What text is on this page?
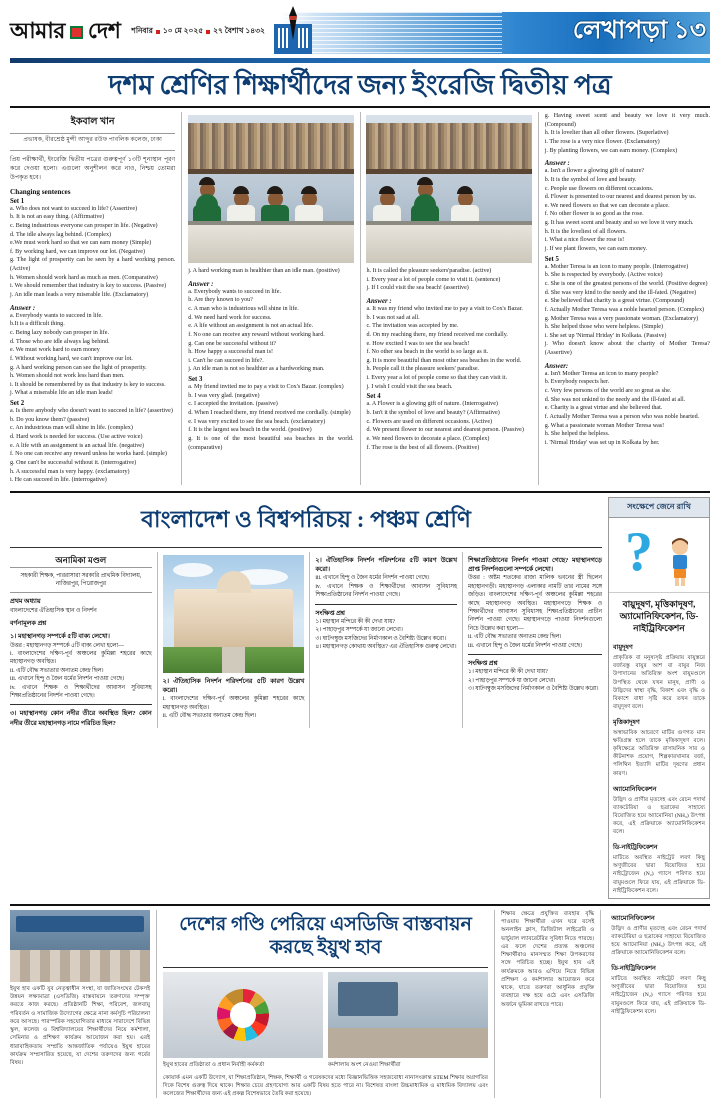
আমার দেশ শনিবার ১০ মে ২০২৫ ২৭ বৈশাখ ১৪৩২	লেখাপড়া ১৩
দশম শ্রেণির শিক্ষার্থীদের জন্য ইংরেজি দ্বিতীয় পত্র
ইকবাল খান
প্রভাষক, বীরশ্রেষ্ঠ মুন্সী আব্দুর রউফ পাবলিক কলেজ, ঢাকা
প্রিয় পরীক্ষার্থী, ইংরেজি দ্বিতীয় পত্রের গুরুত্বপূর্ণ ১৩টি শূন্যস্থান পূরণ করে দেওয়া হলো। এগুলো অনুশীলন করে নাও, নিশ্চয় তোমরা উপকৃত হবে।
Changing sentences
Set 1

a. Who does not want to succeed in life? (Assertive)

b. It is not an easy thing. (Affirmative)

c. Being industrious everyone can prosper in life. (Negative)

d. The idle always lag behind. (Complex)

e.We must work hard so that we can earn money (Simple)

f. By working hard, we can improve our lot. (Negative)

g. The light of prosperity can be seen by a hard working person. (Active)

h. Women should work hard as much as men. (Comparative)

i. We should remember that industry is key to success. (Passive)

j. An idle man leads a very miserable life. (Exclamatory)

Answer :

a. Everybody wants to succeed in life.

b.It is a difficult thing.

c. Being lazy nobody can prosper in life.

d. Those who are idle always lag behind.

e. We must work hard to earn money

f. Without working hard, we can't improve our lot.

g. A hard working person can see the light of prosperity.

h. Women should not work less hard than men.

i. It should be remembered by us that industry is key to success.

j. What a miserable life an idle man leads!

Set 2

a. Is there anybody who doesn't want to succeed in life? (assertive)

b. Do you know them? (passive)

c. An industrious man will shine in life. (complex)

d. Hard work is needed for success. (Use active voice)

e. A life with an assignment is an actual life. (negative)

f. No one can receive any reward unless he works hard. (simple)

g. One can't be successful without it. (interrogative)

h. A successful man is very happy. (exclamatory)

i. He can succeed in life. (interrogative)

j. A hard working man is healthier than an idle man. (positive)

Answer :

a. Everybody wants to succeed in life.

b. Are they known to you?

c. A man who is industrious will shine in life.

d. We need hard work for success.

e. A life without an assignment is not an actual life.

f. No one can receive any reward without working hard.

g. Can one be successful without it?

h. How happy a successful man is!

i. Can't he can succeed in life?.

j. An idle man is not so healthier as a hardworking man.

Set 3

a. My friend invited me to pay a visit to Cox's Bazar. (complex)

b. I was very glad. (negative)

c. I accepted the invitation. (passive)

d. When I reached there, my friend received me cordially. (simple)

e. I was very excited to see the sea beach. (exclamatory)

f. It is the largest sea beach in the world. (positive)

g. It is one of the most beautiful sea beaches in the world. (comparative)

h. It is called the pleasure seekers'paradise. (active)

i. Every year a lot of people come to visit it. (sentence)

j. If I could visit the sea beach! (assertive)

Answer :

a. It was my friend who invited me to pay a visit to Cox's Bazar.

b. I was not sad at all.

c. The invitation was accepted by me.

d. On my reaching there, my friend received me cordially.

e. How excited I was to see the sea beach!

f. No other sea beach in the world is so large as it.

g. It is more beautiful than most other sea beaches in the world.

h. People call it the pleasure seekers' paradise.

i. Every year a lot of people come so that they can visit it.

j. I wish I could visit the sea beach.

Set 4

a. A Flower is a glowing gift of nature. (Interrogative)

b. Isn't it the symbol of love and beauty? (Affirmative)

c. Flowers are used on different occasions. (Active)

d. We present flower to our nearest and dearest person. (Passive)

e. We need flowers to decorate a place. (Complex)

f. The rose is the best of all flowers. (Positive)

g. Having sweet scent and beauty we love it very much. (Compound)

h. It is lovelier than all other flowers. (Superlative)

i. The rose is a very nice flower. (Exclamatory)

j. By planting flowers, we can earn money. (Complex)

Answer :

a. Isn't a flower a glowing gift of nature?

b. It is the symbol of love and beauty.

c. People use flowers on different occasions.

d. Flower is presented to our nearest and dearest person by us.

e. We need flowers so that we can decorate a place.

f. No other flower is so good as the rose.

g. It has sweet scent and beauty and so we love it very much.

h. It is the loveliest of all flowers.

i. What a nice flower the rose is!

j. If we plant flowers, we can earn money.

Set 5

a. Mother Teresa is an icon to many people. (Interrogative)

b. She is respected by everybody. (Active voice)

c. She is one of the greatest persons of the world. (Positive degree)

d. She was very kind to the needy and the ill-fated. (Negative)

e. She believed that charity is a great virtue. (Compound)

f. Actually Mother Teresa was a noble hearted person. (Complex)

g. Mother Teresa was a very passionate woman. (Exclamatory)

h. She helped those who were helpless. (Simple)

i. She set up 'Nirmal Hriday' in Kolkata. (Passive)

j. Who doesn't know about the charity of Mother Teresa? (Assertive)

Answer:

a. Isn't Mother Teresa an icon to many people?

b. Everybody respects her.

c. Very few persons of the world are so great as she.

d. She was not unkind to the needy and the ill-fated at all.

e. Charity is a great virtue and she believed that.

f. Actually Mother Teresa was a person who was noble hearted.

g. What a passionate woman Mother Teresa was!

h. She helped the helpless.

i. 'Nirmal Hriday' was set up in Kolkata by her.

বাংলাদেশ ও বিশ্বপরিচয় : পঞ্চম শ্রেণি
অনামিকা মণ্ডল
সহকারী শিক্ষক, পাররাসারা সরকারি প্রাথমিক বিদ্যালয়, নাজিরপুর, পিরোজপুর
প্রথম অধ্যায়
বাংলাদেশের ঐতিহাসিক স্থান ও নিদর্শন
বর্ণনামূলক প্রশ্ন
১। মহাস্থানগড় সম্পর্কে ৫টি বাক্য লেখো।
উত্তর : মহাস্থানগড় সম্পর্কে ৫টি বাক্য লেখা হলো—
i. বাংলাদেশের দক্ষিণ-পূর্ব অঞ্চলের কুমিল্লা শহরের কাছে মহাস্থানগড় অবস্থিত।
ii. এটি বৌদ্ধ সভ্যতার অন্যতম কেন্দ্র ছিল।
iii. এখানে হিন্দু ও জৈন ধর্মের নিদর্শন পাওয়া গেছে।
iv. এখানে শিক্ষক ও শিক্ষার্থীদের আবাসন সুবিধাসহ শিক্ষাপ্রতিষ্ঠানের নিদর্শন পাওয়া গেছে।
৩। মহাস্থানগড় কোন নদীর তীরে অবস্থিত ছিল? কোন নদীর তীরে মহাস্থানগড় নামে পরিচিত ছিল?
২। ঐতিহাসিক নিদর্শন পরিদর্শনের ৫টি কারণ উল্লেখ করো।
i. বাংলাদেশের দক্ষিণ-পূর্ব অঞ্চলের কুমিল্লা শহরের কাছে মহাস্থানগড় অবস্থিত।
ii. এটি বৌদ্ধ সভ্যতার অন্যতম কেন্দ্র ছিল।
২। ঐতিহাসিক নিদর্শন পরিদর্শনের ৫টি কারণ উল্লেখ করো।
iii. এখানে হিন্দু ও জৈন ধর্মের নিদর্শন পাওয়া গেছে।
iv. এখানে শিক্ষক ও শিক্ষার্থীদের আবাসন সুবিধাসহ শিক্ষাপ্রতিষ্ঠানের নিদর্শন পাওয়া গেছে।
সংক্ষিপ্ত প্রশ্ন
১। মহাস্থান মন্দিরে কী কী দেখা যায়?
২। পাহাড়পুর সম্পর্কে যা জানো লেখো।
৩। ষাটগম্বুজ মসজিদের নির্মাণকাল ও বৈশিষ্ট্য উল্লেখ করো।
৪। মহাস্থানগড় কোথায় অবস্থিত? এর ঐতিহাসিক গুরুত্ব লেখো।
শিক্ষাপ্রতিষ্ঠানের নিদর্শন পাওয়া গেছে? মহাস্থানগড়ে প্রাপ্ত নিদর্শনগুলো সম্পর্কে লেখো।
উত্তর : অষ্টম শতকের রাজা মালিক ভবনের স্ত্রী ছিলেন মহাস্থানগড়ী। মহাস্থানগড় এলাকার নামটি তার নামের সঙ্গে জড়িত। বাংলাদেশের দক্ষিণ-পূর্ব অঞ্চলের কুমিল্লা শহরের কাছে মহাস্থানগড় অবস্থিত। মহাস্থানগড়ে শিক্ষক ও শিক্ষার্থীদের আবাসন সুবিধাসহ শিক্ষাপ্রতিষ্ঠানের প্রাচীন নিদর্শন পাওয়া গেছে। মহাস্থানগড়ে পাওয়া নিদর্শনগুলো নিচে উল্লেখ করা হলো—
ii. এটি বৌদ্ধ সভ্যতার অন্যতম কেন্দ্র ছিল।
iii. এখানে হিন্দু ও জৈন ধর্মের নিদর্শন পাওয়া গেছে।
সংক্ষিপ্ত প্রশ্ন
১। মহাস্থান মন্দিরে কী কী দেখা যায়?
২। পাহাড়পুর সম্পর্কে যা জানো লেখো।
৩। ষাটগম্বুজ মসজিদের নির্মাণকাল ও বৈশিষ্ট্য উল্লেখ করো।
সংক্ষেপে জেনে রাখি
?
বায়ুদূষণ, মৃত্তিকাদূষণ, অ্যামোনিফিকেশন, ডি-নাইট্রিফিকেশন
বায়ুদূষণ
প্রাকৃতিক বা মনুষ্যসৃষ্ট প্রক্রিয়ায় বায়ুস্তরে বর্জ্যবস্তু বায়ুর আশ বা বায়ুর নিজ উপাদানের অতিরিক্ত অংশ বায়ুমণ্ডলে উপস্থিত থেকে যখন মানুষ, প্রাণী ও উদ্ভিদের স্বাস্থ্য বৃদ্ধি, বিকাশ এবং বৃদ্ধি ও বিকাশে বাধা সৃষ্টি করে তখন তাকে বায়ুদূষণ বলে।
মৃত্তিকাদূষণ
অস্বাভাবিক আচরণে মাটির গুণগত মান ক্ষতিগ্রস্ত হলে তাকে মৃত্তিকাদূষণ বলে। কৃষিক্ষেত্রে অতিরিক্ত রাসায়নিক সার ও কীটনাশক প্রয়োগ, শিল্পকারখানার বর্জ্য, পলিথিন ইত্যাদি মাটির দূষণের প্রধান কারণ।
অ্যামোনিফিকেশন
উদ্ভিদ ও প্রাণীর মৃতদেহ এবং রেচন পদার্থ ব্যাকটেরিয়া ও ছত্রাকের সাহায্যে বিয়োজিত হয়ে অ্যামোনিয়া (NH₃) উৎপন্ন করে, এই প্রক্রিয়াকে অ্যামোনিফিকেশন বলে।
ডি-নাইট্রিফিকেশন
মাটিতে অবস্থিত নাইট্রেট লবণ কিছু অণুজীবের দ্বারা বিয়োজিত হয়ে নাইট্রোজেন (N₂) গ্যাসে পরিণত হয়ে বায়ুমণ্ডলে ফিরে যায়, এই প্রক্রিয়াকে ডি-নাইট্রিফিকেশন বলে।
ইয়ুথ হাব একটি যুব নেতৃত্বাধীন সংস্থা, যা জাতিসংঘের টেকসই উন্নয়ন লক্ষ্যমাত্রা (এসডিজি) বাস্তবায়নে তরুণদের সম্পৃক্ত করতে কাজ করছে। প্রতিষ্ঠানটি শিক্ষা, পরিবেশ, জলবায়ু পরিবর্তন ও সামাজিক উদ্যোগের ক্ষেত্রে নানা কর্মসূচি পরিচালনা করে আসছে। পারস্পরিক সহযোগিতার মাধ্যমে সারাদেশে বিভিন্ন স্কুল, কলেজ ও বিশ্ববিদ্যালয়ের শিক্ষার্থীদের নিয়ে কর্মশালা, সেমিনার ও প্রশিক্ষণ কার্যক্রম আয়োজন করা হয়। এরই ধারাবাহিকতায় সম্প্রতি আন্তর্জাতিক পর্যায়েও ইয়ুথ হাবের কার্যক্রম সম্প্রসারিত হয়েছে, যা দেশের তরুণদের জন্য গর্বের বিষয়।
দেশের গণ্ডি পেরিয়ে এসডিজি বাস্তবায়ন করছে ইয়ুথ হাব
ইয়ুথ হাবের প্রতিষ্ঠাতা ও প্রধান নির্বাহী কর্মকর্তা	কর্মশালায় অংশ নেওয়া শিক্ষার্থীরা
কোয়ার্ক এমন একটি উদ্যোগ, যা শিক্ষাপ্রতিষ্ঠান, শিক্ষক, শিক্ষার্থী ও গবেষকদের মধ্যে বিজ্ঞানভিত্তিক সহজবোধ্য নানাসংক্রান্ত STEM শিক্ষার অগ্রগতির দিকে বিশেষ গুরুত্ব দিয়ে থাকে। শিক্ষার চেয়ে গ্রহণযোগ্য আর একটি বিষয় হতে পারে না। বিশেষত বাংলা উচ্চমাধ্যমিক ও মাধ্যমিক বিদ্যালয় এবং কলেজের শিক্ষার্থীদের জন্য এই প্রকল্প বিশেষভাবে তৈরি করা হয়েছে।
শিক্ষার ক্ষেত্রে প্রযুক্তির ব্যবহার বৃদ্ধি পাওয়ায় শিক্ষার্থীরা এখন ঘরে বসেই অনলাইন ক্লাস, ডিজিটাল লাইব্রেরি ও ভার্চুয়াল ল্যাবরেটরির সুবিধা নিতে পারছে। এর ফলে দেশের প্রত্যন্ত অঞ্চলের শিক্ষার্থীরাও মানসম্মত শিক্ষা উপকরণের সঙ্গে পরিচিত হচ্ছে। ইয়ুথ হাব এই কার্যক্রমকে আরও এগিয়ে নিতে বিভিন্ন প্রশিক্ষণ ও কর্মশালার আয়োজন করে থাকে, যাতে তরুণরা আধুনিক প্রযুক্তি ব্যবহারে দক্ষ হয়ে ওঠে এবং এসডিজি অর্জনে ভূমিকা রাখতে পারে।
অ্যামোনিফিকেশন
উদ্ভিদ ও প্রাণীর মৃতদেহ এবং রেচন পদার্থ ব্যাকটেরিয়া ও ছত্রাকের সাহায্যে বিয়োজিত হয়ে অ্যামোনিয়া (NH₃) উৎপন্ন করে, এই প্রক্রিয়াকে অ্যামোনিফিকেশন বলে।
ডি-নাইট্রিফিকেশন
মাটিতে অবস্থিত নাইট্রেট লবণ কিছু অণুজীবের দ্বারা বিয়োজিত হয়ে নাইট্রোজেন (N₂) গ্যাসে পরিণত হয়ে বায়ুমণ্ডলে ফিরে যায়, এই প্রক্রিয়াকে ডি-নাইট্রিফিকেশন বলে।
